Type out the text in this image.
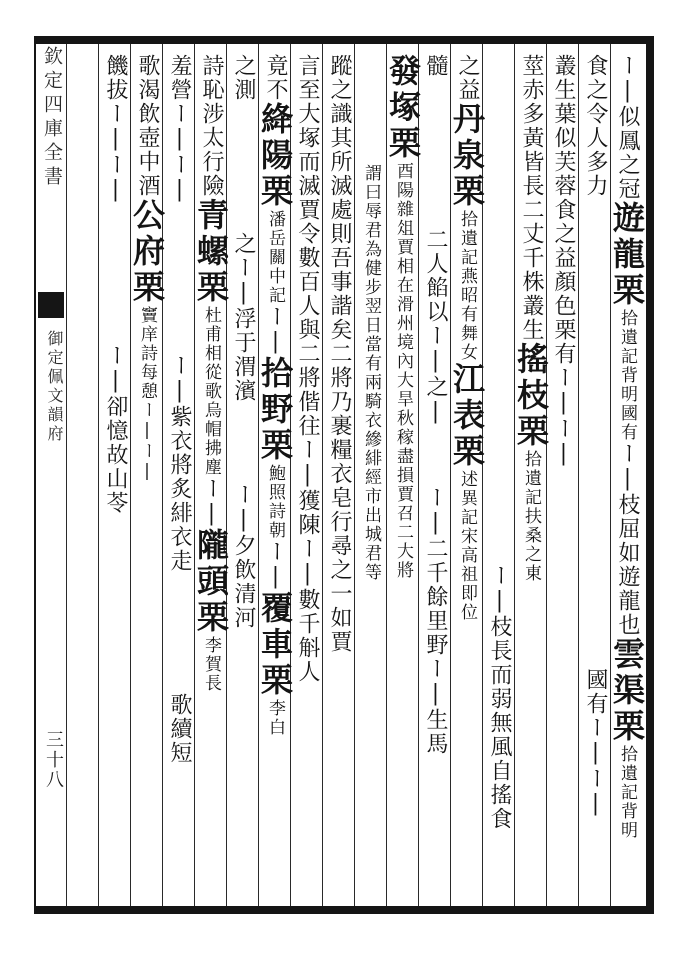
欽定四庫全書
御定佩文韻府
三十八
ー|似鳳之冠遊龍栗拾遺記背明國有ー|枝屈如遊龍也雲渠栗拾遺記背明
食之令人多力國有ー|ー|
叢生葉似芙蓉食之益顏色栗有ー|ー|
莖赤多黃皆長二丈千株叢生搖枝栗拾遺記扶桑之東
ー|枝長而弱無風自搖食
之益丹泉栗拾遺記燕昭有舞女江表栗述異記宋高祖即位
髓二人餡以ー|之|ー|二千餘里野ー|生馬
發塚栗酉陽雜俎賈相在滑州境內大旱秋稼盡損賈召二大將
謂曰辱君為健步翌日當有兩騎衣縿緋經市出城君等
蹤之識其所滅處則吾事諧矣二將乃裹糧衣皂行尋之一如賈
言至大塚而滅賈令數百人與二將偕往ー|獲陳ー|數千斛人
竟不絳陽栗潘岳關中記ー|拾野栗鮑照詩朝ー|覆車栗李白
之測之ー|浮于渭濱ー|夕飲清河
詩恥涉太行險青螺栗杜甫相從歌烏帽拂塵ー|隴頭栗李賀長
羞營ー|ー|ー|紫衣將炙緋衣走歌續短
歌渴飲壺中酒公府栗竇庠詩每憩ー|ー|
饑拔ー|ー|ー|卻憶故山苓
